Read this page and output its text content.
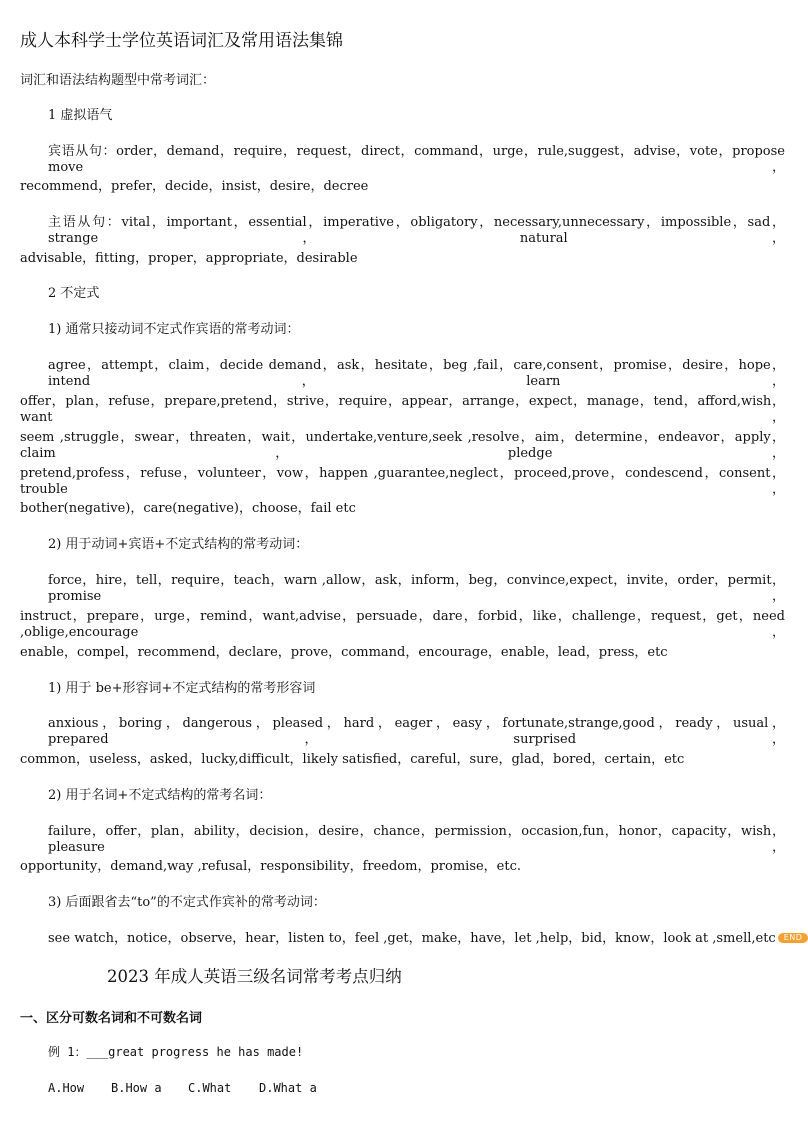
成人本科学士学位英语词汇及常用语法集锦
词汇和语法结构题型中常考词汇：
1 虚拟语气
宾语从句：order，demand，require，request，direct，command，urge，rule,suggest，advise，vote，propose move，
recommend，prefer，decide，insist，desire，decree
主语从句：vital，important，essential，imperative，obligatory，necessary,unnecessary，impossible，sad，strange，natural，
advisable，fitting，proper，appropriate，desirable
2 不定式
1) 通常只接动词不定式作宾语的常考动词：
agree，attempt，claim，decide demand，ask，hesitate，beg ,fail，care,consent，promise，desire，hope，intend，learn，
offer，plan，refuse，prepare,pretend，strive，require，appear，arrange，expect，manage，tend，afford,wish，want，
seem ,struggle，swear，threaten，wait，undertake,venture,seek ,resolve，aim，determine，endeavor，apply，claim，pledge，
pretend,profess，refuse，volunteer，vow，happen ,guarantee,neglect，proceed,prove，condescend，consent，trouble，
bother(negative)，care(negative)，choose，fail etc
2) 用于动词+宾语+不定式结构的常考动词：
force，hire，tell，require，teach，warn ,allow，ask，inform，beg，convince,expect，invite，order，permit，promise，
instruct，prepare，urge，remind，want,advise，persuade，dare，forbid，like，challenge，request，get，need ,oblige,encourage，
enable，compel，recommend，declare，prove，command，encourage，enable，lead，press，etc
1) 用于 be+形容词+不定式结构的常考形容词
anxious，boring，dangerous，pleased，hard，eager，easy，fortunate,strange,good，ready，usual，prepared，surprised，
common，useless，asked，lucky,difficult，likely satisfied，careful，sure，glad，bored，certain，etc
2) 用于名词+不定式结构的常考名词：
failure，offer，plan，ability，decision，desire，chance，permission，occasion,fun，honor，capacity，wish，pleasure，
opportunity，demand,way ,refusal，responsibility，freedom，promise，etc.
3) 后面跟省去“to”的不定式作宾补的常考动词：
see watch，notice，observe，hear，listen to，feel ,get，make，have，let ,help，bid，know，look at ,smell,etc END
2023 年成人英语三级名词常考考点归纳
一、区分可数名词和不可数名词
例 1：___great progress he has made!
A.How B.How a C.What D.What a
